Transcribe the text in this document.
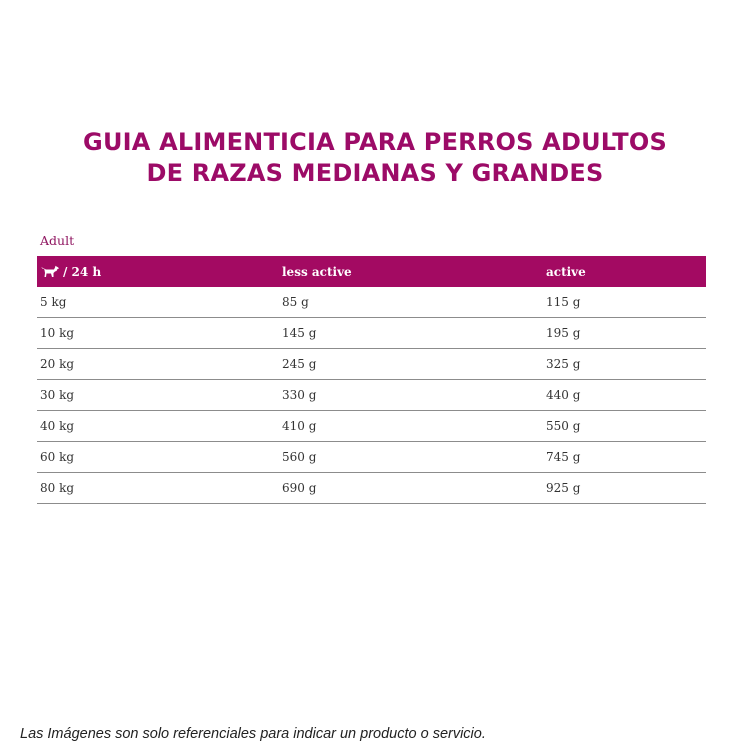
GUIA ALIMENTICIA PARA PERROS ADULTOS
DE RAZAS MEDIANAS Y GRANDES
Adult
/ 24 h	less active	active
5 kg	85 g	115 g
10 kg	145 g	195 g
20 kg	245 g	325 g
30 kg	330 g	440 g
40 kg	410 g	550 g
60 kg	560 g	745 g
80 kg	690 g	925 g
Las Imágenes son solo referenciales para indicar un producto o servicio.
